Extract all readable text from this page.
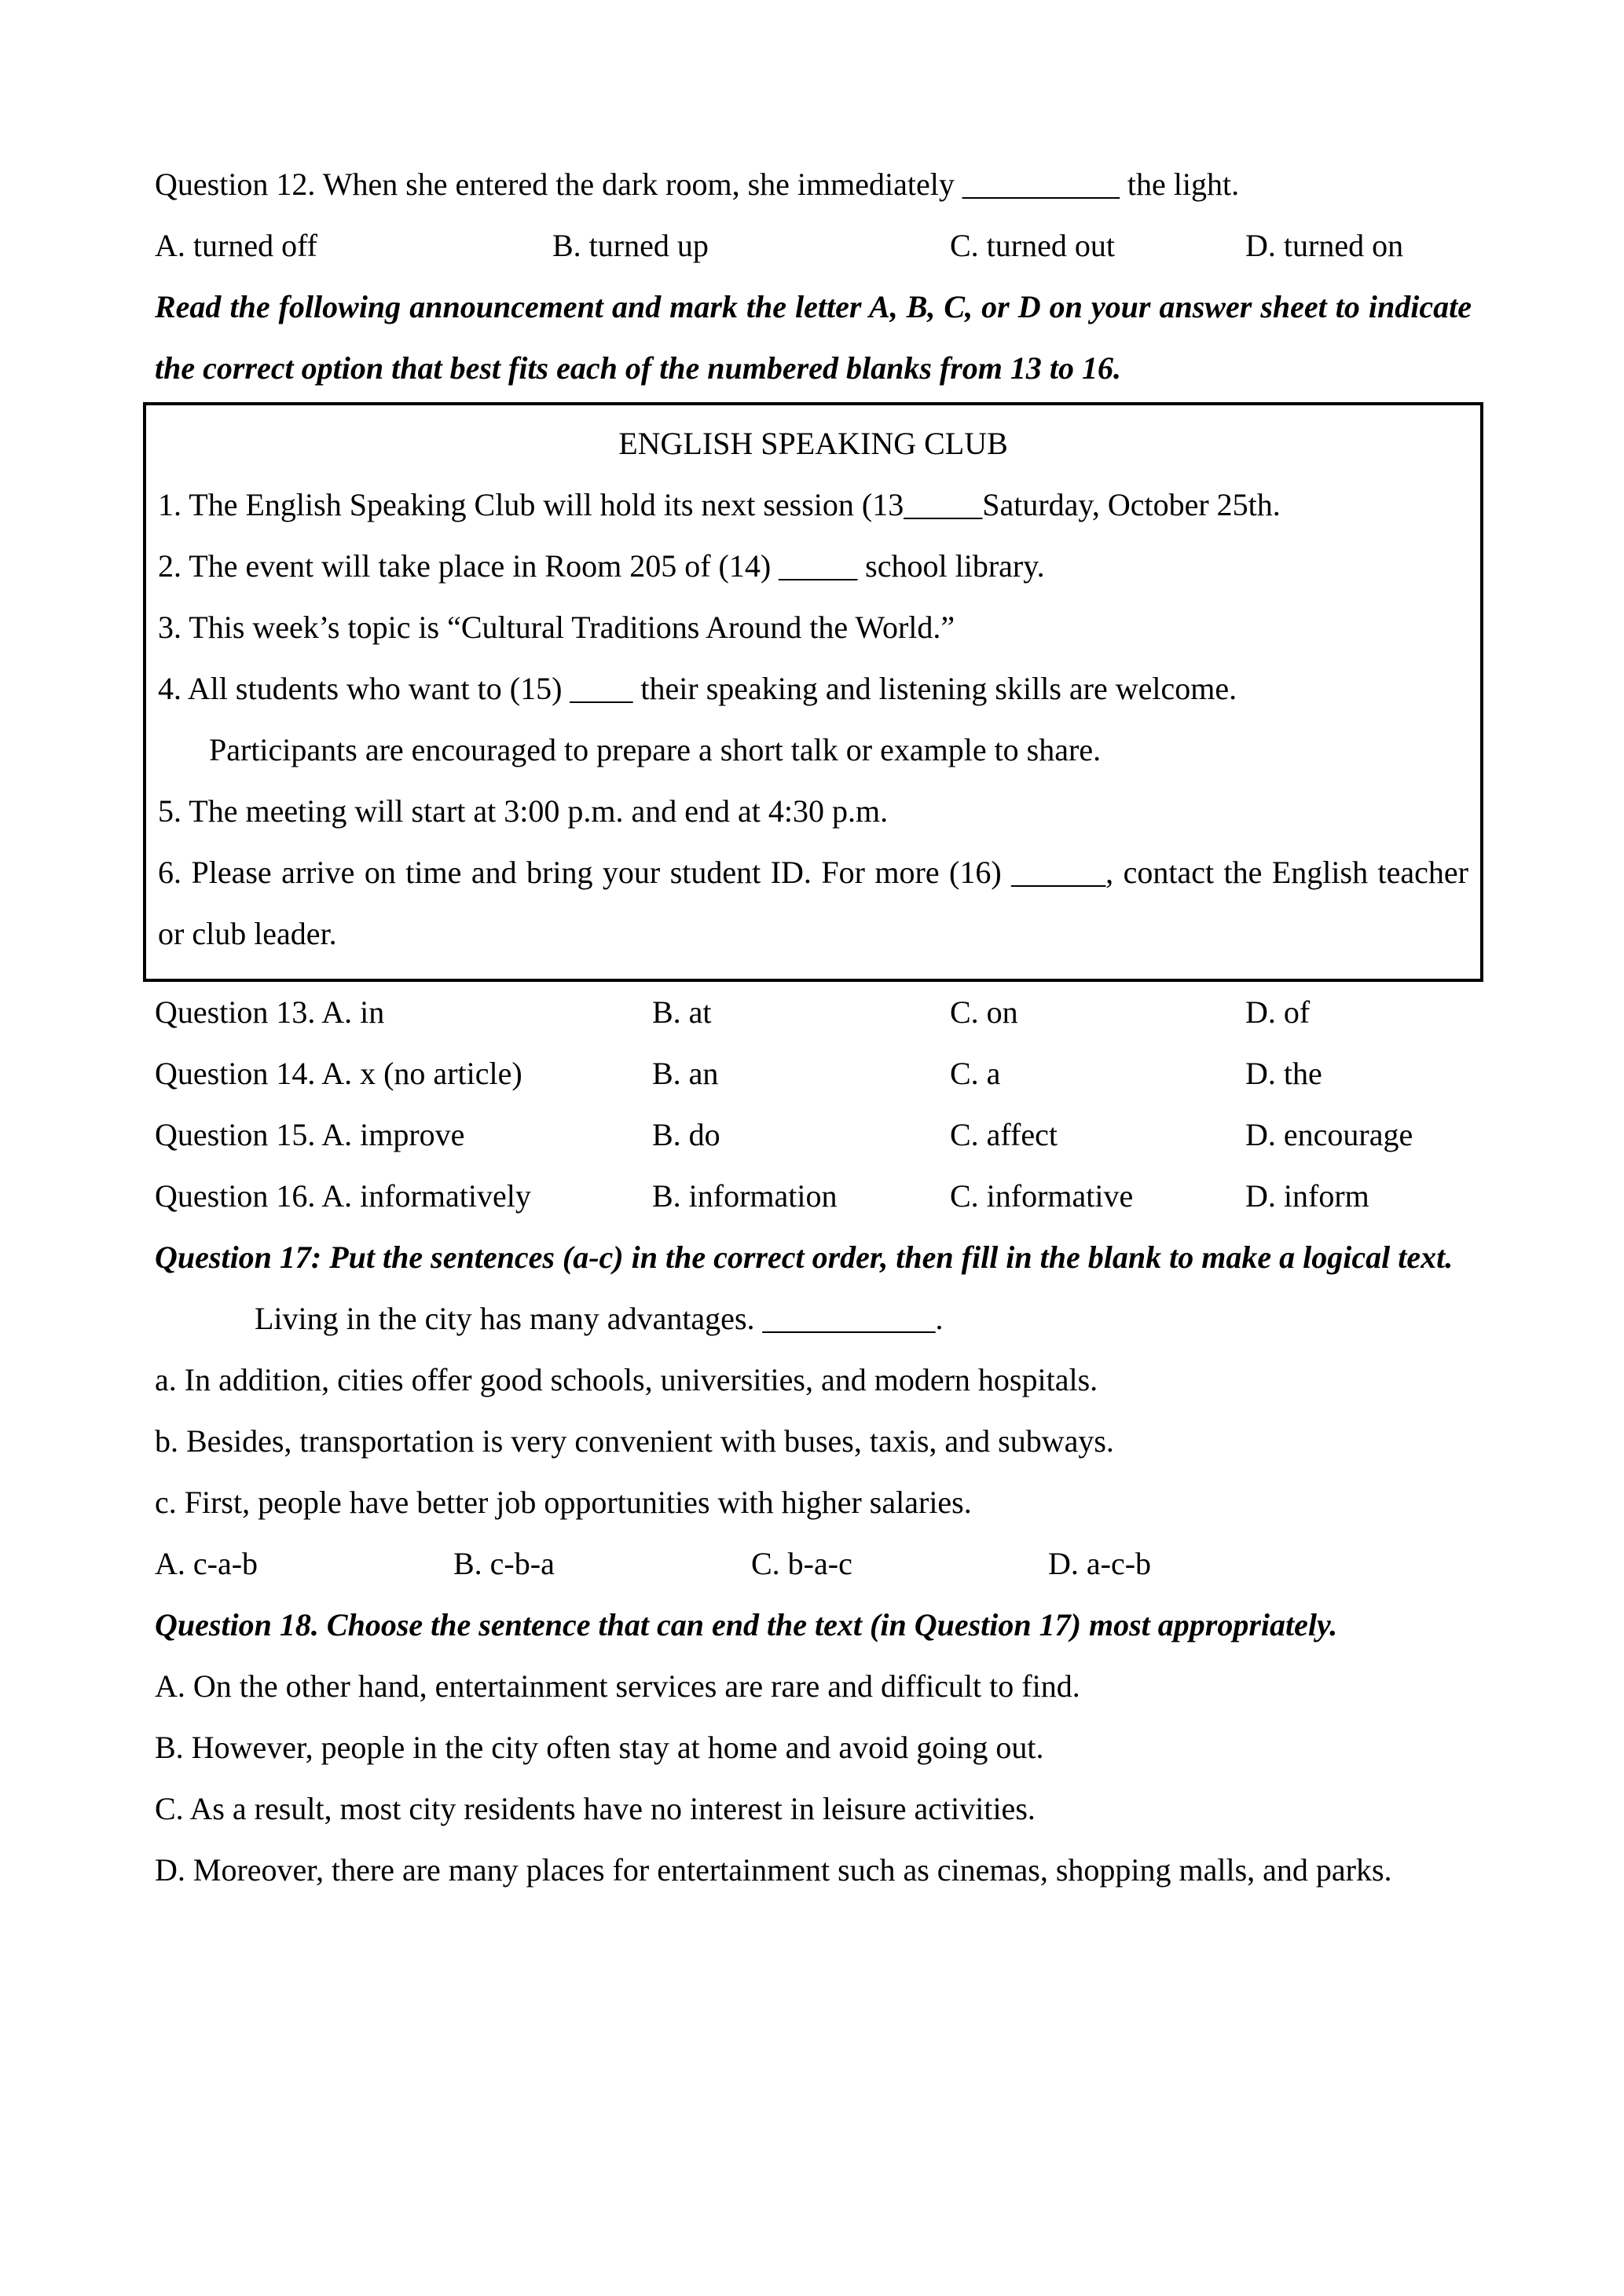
Question 12. When she entered the dark room, she immediately __________ the light.

A. turned off	B. turned up	C. turned out	D. turned on

Read the following announcement and mark the letter A, B, C, or D on your answer sheet to indicate the correct option that best fits each of the numbered blanks from 13 to 16.

ENGLISH SPEAKING CLUB

1. The English Speaking Club will hold its next session (13_____Saturday, October 25th.

2. The event will take place in Room 205 of (14) _____ school library.

3. This week’s topic is “Cultural Traditions Around the World.”

4. All students who want to (15) ____ their speaking and listening skills are welcome.

Participants are encouraged to prepare a short talk or example to share.

5. The meeting will start at 3:00 p.m. and end at 4:30 p.m.

6. Please arrive on time and bring your student ID. For more (16) ______, contact the English teacher or club leader.

Question 13. A. in	B. at	C. on	D. of
Question 14. A. x (no article)	B. an	C. a	D. the
Question 15. A. improve	B. do	C. affect	D. encourage
Question 16. A. informatively	B. information	C. informative	D. inform

Question 17: Put the sentences (a-c) in the correct order, then fill in the blank to make a logical text.

Living in the city has many advantages. ___________.

a. In addition, cities offer good schools, universities, and modern hospitals.

b. Besides, transportation is very convenient with buses, taxis, and subways.

c. First, people have better job opportunities with higher salaries.

A. c-a-b	B. c-b-a	C. b-a-c	D. a-c-b

Question 18. Choose the sentence that can end the text (in Question 17) most appropriately.

A. On the other hand, entertainment services are rare and difficult to find.

B. However, people in the city often stay at home and avoid going out.

C. As a result, most city residents have no interest in leisure activities.

D. Moreover, there are many places for entertainment such as cinemas, shopping malls, and parks.
